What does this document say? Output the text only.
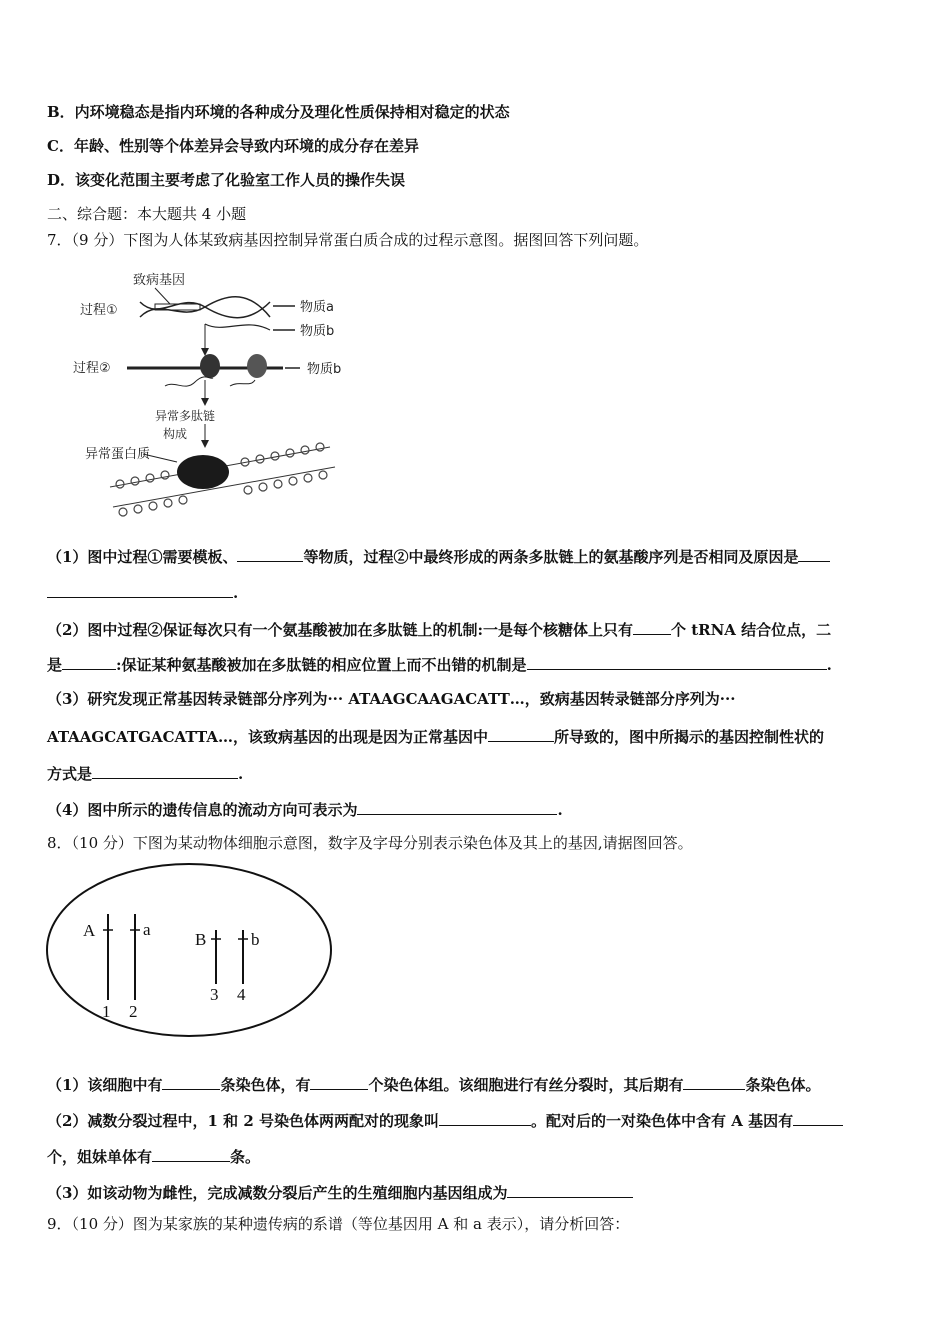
B．内环境稳态是指内环境的各种成分及理化性质保持相对稳定的状态
C．年龄、性别等个体差异会导致内环境的成分存在差异
D．该变化范围主要考虑了化验室工作人员的操作失误
二、综合题：本大题共 4 小题
7．（9 分）下图为人体某致病基因控制异常蛋白质合成的过程示意图。据图回答下列问题。
致病基因
过程①	物质a
物质b
过程②	物质b
异常多肽链
构成
异常蛋白质
（1）图中过程①需要模板、	等物质，过程②中最终形成的两条多肽链上的氨基酸序列是否相同及原因是
.
（2）图中过程②保证每次只有一个氨基酸被加在多肽链上的机制:一是每个核糖体上只有	个 tRNA 结合位点，二
是	:保证某种氨基酸被加在多肽链的相应位置上而不出错的机制是	.
（3）研究发现正常基因转录链部分序列为··· ATAAGCAAGACATT…，致病基因转录链部分序列为···
ATAAGCATGACATTA…，该致病基因的出现是因为正常基因中	所导致的，图中所揭示的基因控制性状的
方式是	.
（4）图中所示的遗传信息的流动方向可表示为	.
8．（10 分）下图为某动物体细胞示意图，数字及字母分别表示染色体及其上的基因,请据图回答。
A	a
B	b
1 2
3 4
（1）该细胞中有	条染色体，有	个染色体组。该细胞进行有丝分裂时，其后期有	条染色体。
（2）减数分裂过程中，1 和 2 号染色体两两配对的现象叫	。配对后的一对染色体中含有 A 基因有
个，姐妹单体有	条。
（3）如该动物为雌性，完成减数分裂后产生的生殖细胞内基因组成为
9．（10 分）图为某家族的某种遗传病的系谱（等位基因用 A 和 a 表示），请分析回答：
